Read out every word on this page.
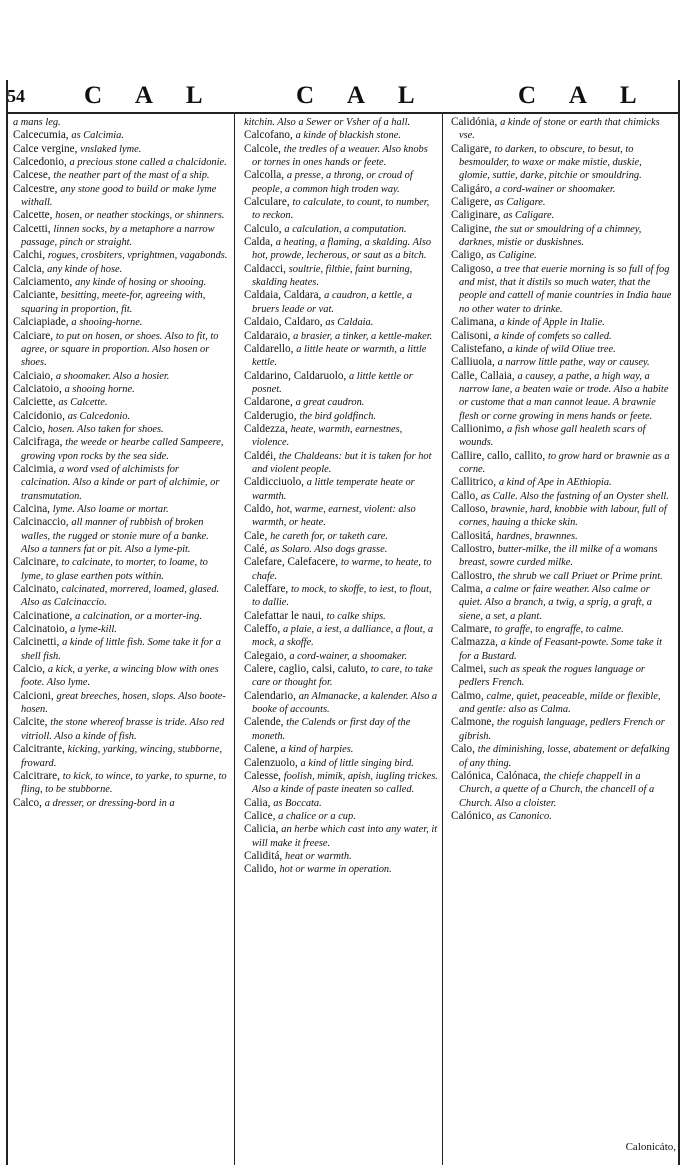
54 C A L	C A L	C A L

a mans leg.

Calcecumia, as Calcimia.

Calce vergine, vnslaked lyme.

Calcedonio, a precious stone called a chalcidonie.

Calcese, the neather part of the mast of a ship.

Calcestre, any stone good to build or make lyme withall.

Calcette, hosen, or neather stockings, or shinners.

Calcetti, linnen socks, by a metaphore a narrow passage, pinch or straight.

Calchi, rogues, crosbiters, vprightmen, vagabonds.

Calcia, any kinde of hose.

Calciamento, any kinde of hosing or shooing.

Calciante, besitting, meete-for, agreeing with, squaring in proportion, fit.

Calciapiade, a shooing-horne.

Calciare, to put on hosen, or shoes. Also to fit, to agree, or square in proportion. Also hosen or shoes.

Calciaio, a shoomaker. Also a hosier.

Calciatoio, a shooing horne.

Calciette, as Calcette.

Calcidonio, as Calcedonio.

Calcio, hosen. Also taken for shoes.

Calcifraga, the weede or hearbe called Sampeere, growing vpon rocks by the sea side.

Calcimia, a word vsed of alchimists for calcination. Also a kinde or part of alchimie, or transmutation.

Calcina, lyme. Also loame or mortar.

Calcinaccio, all manner of rubbish of broken walles, the rugged or stonie mure of a banke. Also a tanners fat or pit. Also a lyme-pit.

Calcinare, to calcinate, to morter, to loame, to lyme, to glase earthen pots within.

Calcinato, calcinated, morrered, loamed, glased. Also as Calcinaccio.

Calcinatione, a calcination, or a morter-ing.

Calcinatoio, a lyme-kill.

Calcinetti, a kinde of little fish. Some take it for a shell fish.

Calcio, a kick, a yerke, a wincing blow with ones foote. Also lyme.

Calcioni, great breeches, hosen, slops. Also boote-hosen.

Calcite, the stone whereof brasse is tride. Also red vitrioll. Also a kinde of fish.

Calcitrante, kicking, yarking, wincing, stubborne, froward.

Calcitrare, to kick, to wince, to yarke, to spurne, to fling, to be stubborne.

Calco, a dresser, or dressing-bord in a

kitchin. Also a Sewer or Vsher of a hall.

Calcofano, a kinde of blackish stone.

Calcole, the tredles of a weauer. Also knobs or tornes in ones hands or feete.

Calcolla, a presse, a throng, or croud of people, a common high troden way.

Calculare, to calculate, to count, to number, to reckon.

Calculo, a calculation, a computation.

Calda, a heating, a flaming, a skalding. Also hot, prowde, lecherous, or saut as a bitch.

Caldacci, soultrie, filthie, faint burning, skalding heates.

Caldaia, Caldara, a caudron, a kettle, a bruers leade or vat.

Caldaio, Caldaro, as Caldaia.

Caldaraio, a brasier, a tinker, a kettle-maker.

Caldarello, a little heate or warmth, a little kettle.

Caldarino, Caldaruolo, a little kettle or posnet.

Caldarone, a great caudron.

Calderugio, the bird goldfinch.

Caldezza, heate, warmth, earnestnes, violence.

Caldéi, the Chaldeans: but it is taken for hot and violent people.

Caldicciuolo, a little temperate heate or warmth.

Caldo, hot, warme, earnest, violent: also warmth, or heate.

Cale, he careth for, or taketh care.

Calé, as Solaro. Also dogs grasse.

Calefare, Calefacere, to warme, to heate, to chafe.

Caleffare, to mock, to skoffe, to iest, to flout, to dallie.

Calefattar le naui, to calke ships.

Caleffo, a plaie, a iest, a dalliance, a flout, a mock, a skoffe.

Calegaio, a cord-wainer, a shoomaker.

Calere, caglio, calsi, caluto, to care, to take care or thought for.

Calendario, an Almanacke, a kalender. Also a booke of accounts.

Calende, the Calends or first day of the moneth.

Calene, a kind of harpies.

Calenzuolo, a kind of little singing bird.

Calesse, foolish, mimik, apish, iugling trickes. Also a kinde of paste ineaten so called.

Calia, as Boccata.

Calice, a chalice or a cup.

Calicia, an herbe which cast into any water, it will make it freese.

Caliditá, heat or warmth.

Calido, hot or warme in operation.

Calidónia, a kinde of stone or earth that chimicks vse.

Caligare, to darken, to obscure, to besut, to besmoulder, to waxe or make mistie, duskie, glomie, suttie, darke, pitchie or smouldring.

Caligáro, a cord-wainer or shoomaker.

Caligere, as Caligare.

Caliginare, as Caligare.

Caligine, the sut or smouldring of a chimney, darknes, mistie or duskishnes.

Caligo, as Caligine.

Caligoso, a tree that euerie morning is so full of fog and mist, that it distils so much water, that the people and cattell of manie countries in India haue no other water to drinke.

Calimana, a kinde of Apple in Italie.

Calisoni, a kinde of comfets so called.

Calistefano, a kinde of wild Oliue tree.

Calliuola, a narrow little pathe, way or causey.

Calle, Callaia, a causey, a pathe, a high way, a narrow lane, a beaten waie or trode. Also a habite or custome that a man cannot leaue. A brawnie flesh or corne growing in mens hands or feete.

Callionimo, a fish whose gall healeth scars of wounds.

Callire, callo, callito, to grow hard or brawnie as a corne.

Callitrico, a kind of Ape in AEthiopia.

Callo, as Calle. Also the fastning of an Oyster shell.

Calloso, brawnie, hard, knobbie with labour, full of cornes, hauing a thicke skin.

Callositá, hardnes, brawnnes.

Callostro, butter-milke, the ill milke of a womans breast, sowre curded milke.

Callostro, the shrub we call Priuet or Prime print.

Calma, a calme or faire weather. Also calme or quiet. Also a branch, a twig, a sprig, a graft, a siene, a set, a plant.

Calmare, to graffe, to engraffe, to calme.

Calmazza, a kinde of Feasant-powte. Some take it for a Bustard.

Calmei, such as speak the rogues language or pedlers French.

Calmo, calme, quiet, peaceable, milde or flexible, and gentle: also as Calma.

Calmone, the roguish language, pedlers French or gibrish.

Calo, the diminishing, losse, abatement or defalking of any thing.

Calónica, Calónaca, the chiefe chappell in a Church, a quette of a Church, the chancell of a Church. Also a cloister.

Calónico, as Canonico.

Calonicáto,
